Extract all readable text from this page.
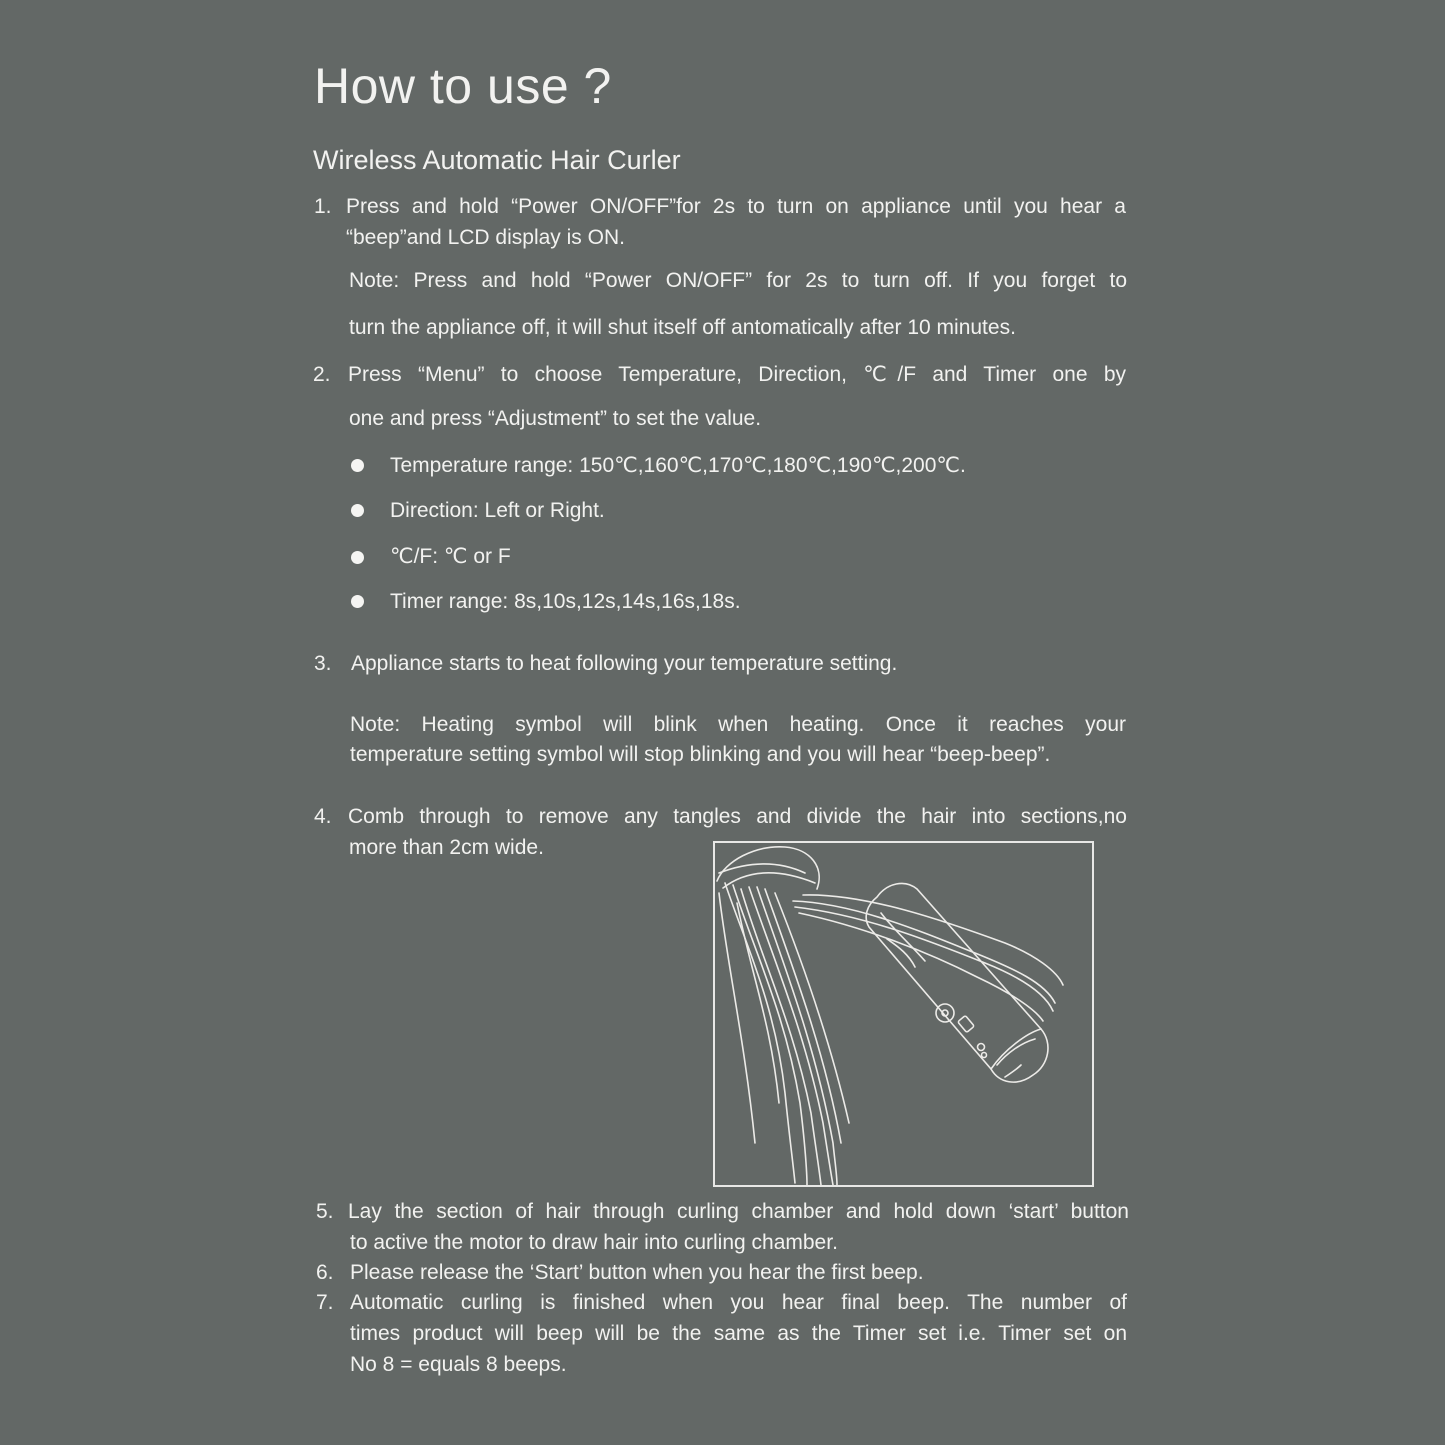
How to use ?
Wireless Automatic Hair Curler
1. Press and hold “Power ON/OFF”for 2s to turn on appliance until you hear a
“beep”and LCD display is ON.
Note: Press and hold “Power ON/OFF” for 2s to turn off. If you forget to
turn the appliance off, it will shut itself off antomatically after 10 minutes.
2. Press “Menu” to choose Temperature, Direction, ℃/F and Timer one by
one and press “Adjustment” to set the value.
Temperature range: 150℃,160℃,170℃,180℃,190℃,200℃.
Direction: Left or Right.
℃/F: ℃ or F
Timer range: 8s,10s,12s,14s,16s,18s.
3. Appliance starts to heat following your temperature setting.
Note: Heating symbol will blink when heating. Once it reaches your
temperature setting symbol will stop blinking and you will hear “beep-beep”.
4. Comb through to remove any tangles and divide the hair into sections,no
more than 2cm wide.
5. Lay the section of hair through curling chamber and hold down ‘start’ button
to active the motor to draw hair into curling chamber.
6. Please release the ‘Start’ button when you hear the first beep.
7. Automatic curling is finished when you hear final beep. The number of
times product will beep will be the same as the Timer set i.e. Timer set on
No 8 = equals 8 beeps.
